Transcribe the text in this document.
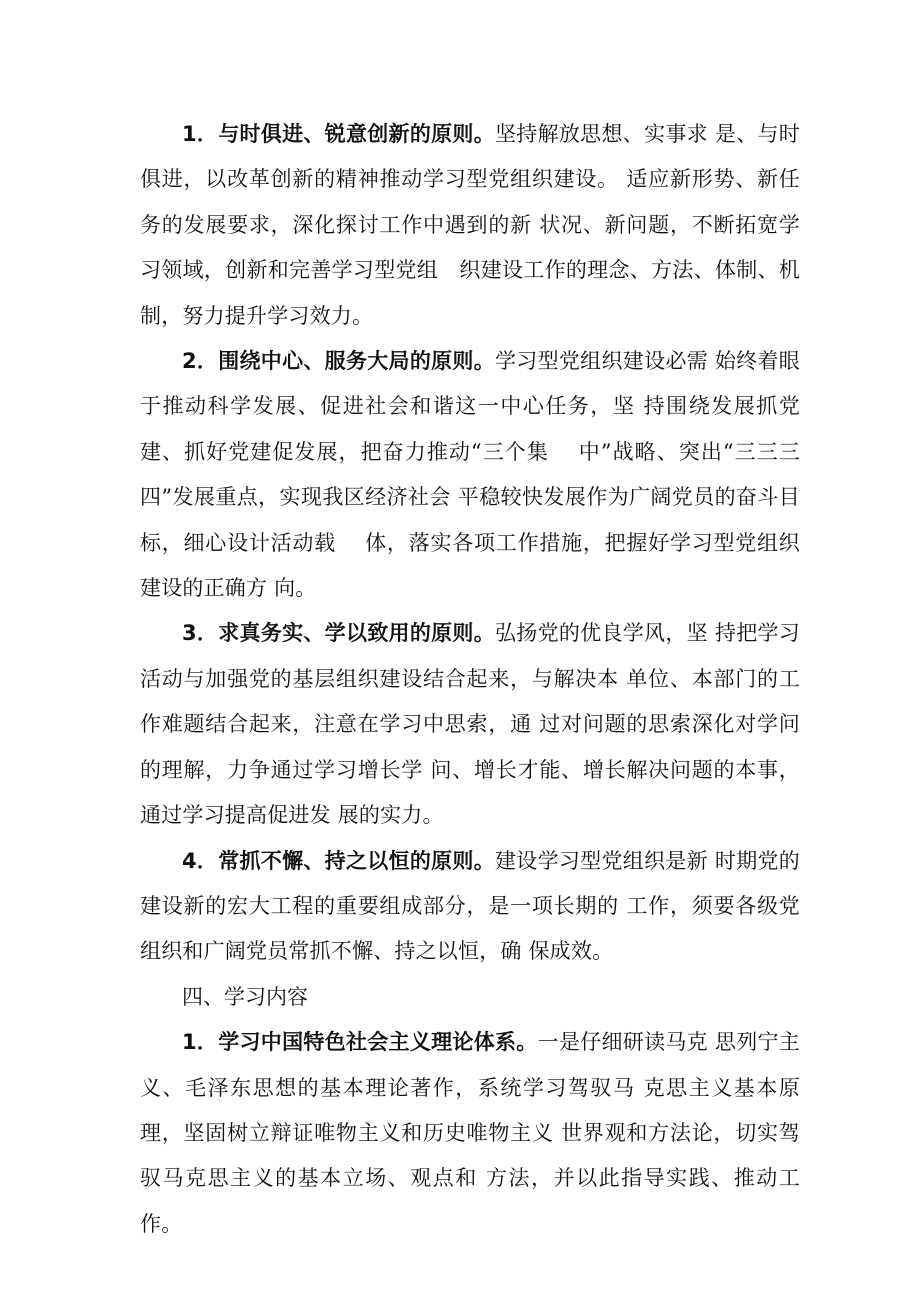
1．与时俱进、锐意创新的原则。坚持解放思想、实事求 是、与时俱进，以改革创新的精神推动学习型党组织建设。 适应新形势、新任务的发展要求，深化探讨工作中遇到的新 状况、新问题，不断拓宽学习领域，创新和完善学习型党组　织建设工作的理念、方法、体制、机制，努力提升学习效力。

2．围绕中心、服务大局的原则。学习型党组织建设必需 始终着眼于推动科学发展、促进社会和谐这一中心任务，坚 持围绕发展抓党建、抓好党建促发展，把奋力推动“三个集　 中”战略、突出“三三三四”发展重点，实现我区经济社会 平稳较快发展作为广阔党员的奋斗目标，细心设计活动载　 体，落实各项工作措施，把握好学习型党组织建设的正确方 向。

3．求真务实、学以致用的原则。弘扬党的优良学风，坚 持把学习活动与加强党的基层组织建设结合起来，与解决本 单位、本部门的工作难题结合起来，注意在学习中思索，通 过对问题的思索深化对学问的理解，力争通过学习增长学 问、增长才能、增长解决问题的本事，通过学习提高促进发 展的实力。

4．常抓不懈、持之以恒的原则。建设学习型党组织是新 时期党的建设新的宏大工程的重要组成部分，是一项长期的 工作，须要各级党组织和广阔党员常抓不懈、持之以恒，确 保成效。

四、学习内容

1．学习中国特色社会主义理论体系。一是仔细研读马克 思列宁主义、毛泽东思想的基本理论著作，系统学习驾驭马 克思主义基本原理，坚固树立辩证唯物主义和历史唯物主义 世界观和方法论，切实驾驭马克思主义的基本立场、观点和 方法，并以此指导实践、推动工作。
